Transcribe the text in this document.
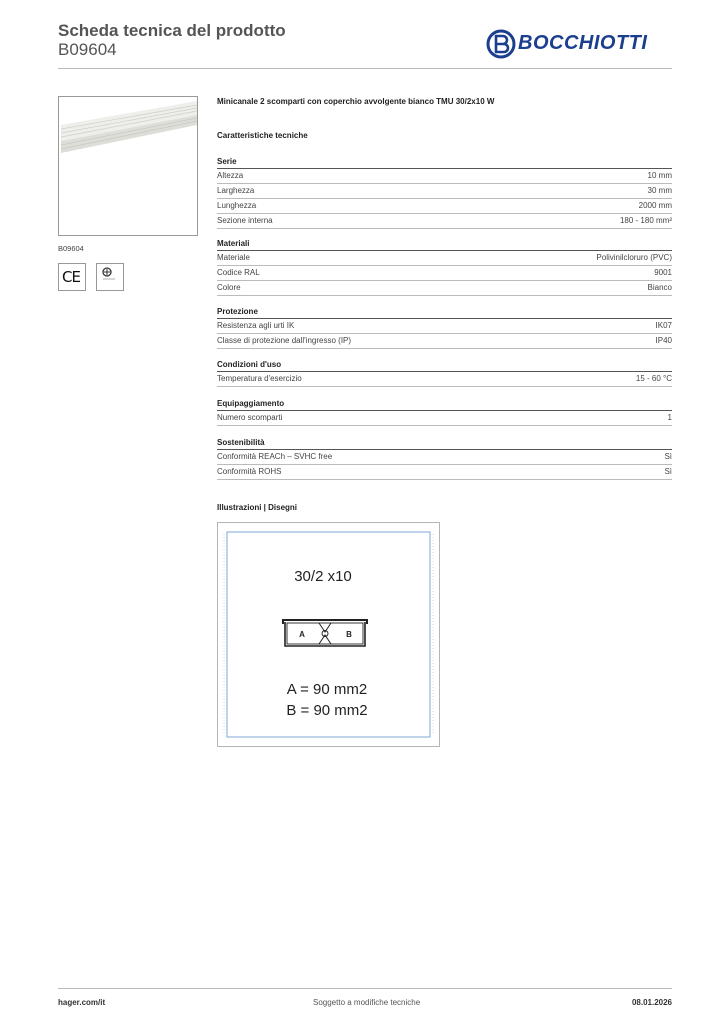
Scheda tecnica del prodotto
B09604	BOCCHIOTTI
B09604
CE
Minicanale 2 scomparti con coperchio avvolgente bianco TMU 30/2x10 W
Caratteristiche tecniche
Serie
Altezza	10 mm
Larghezza	30 mm
Lunghezza	2000 mm
Sezione interna	180 - 180 mm²
Materiali
Materiale	Polivinilcloruro (PVC)
Codice RAL	9001
Colore	Bianco
Protezione
Resistenza agli urti IK	IK07
Classe di protezione dall'ingresso (IP)	IP40
Condizioni d'uso
Temperatura d'esercizio	15 - 60 °C
Equipaggiamento
Numero scomparti	1
Sostenibilità
Conformità REACh – SVHC free	Sì
Conformità ROHS	Sì
Illustrazioni | Disegni
30/2 x10
A	B
A = 90 mm2
B = 90 mm2
hager.com/it	Soggetto a modifiche tecniche	08.01.2026
